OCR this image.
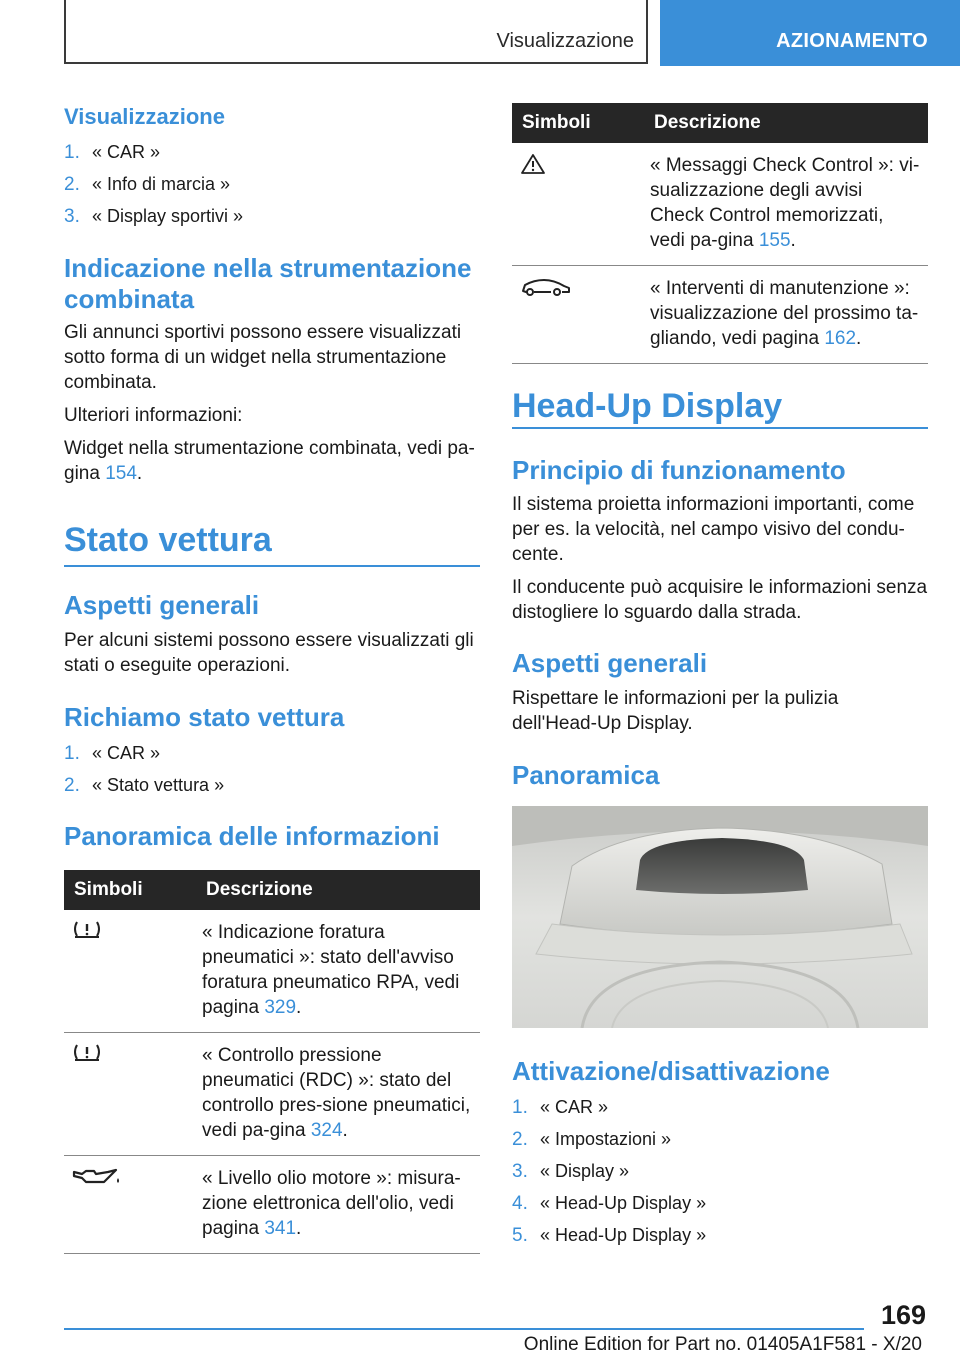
Visualizzazione	AZIONAMENTO
Visualizzazione
1. « CAR »
2. « Info di marcia »
3. « Display sportivi »
Indicazione nella strumentazione
combinata

Gli annunci sportivi possono essere visualizzati sotto forma di un widget nella strumentazione combinata.

Ulteriori informazioni:

Widget nella strumentazione combinata, vedi pa‐gina 154.

Stato vettura
Aspetti generali

Per alcuni sistemi possono essere visualizzati gli stati o eseguite operazioni.

Richiamo stato vettura
1. « CAR »
2. « Stato vettura »
Panoramica delle informazioni
Simboli	Descrizione
	« Indicazione foratura pneumatici »: stato dell'avviso foratura pneumatico RPA, vedi pagina 329.
	« Controllo pressione pneumatici (RDC) »: stato del controllo pres‐sione pneumatici, vedi pa‐gina 324.
	« Livello olio motore »: misura‐zione elettronica dell'olio, vedi pagina 341.
Simboli	Descrizione
	« Messaggi Check Control »: vi‐sualizzazione degli avvisi Check Control memorizzati, vedi pa‐gina 155.
	« Interventi di manutenzione »: visualizzazione del prossimo ta‐gliando, vedi pagina 162.
Head-Up Display
Principio di funzionamento

Il sistema proietta informazioni importanti, come per es. la velocità, nel campo visivo del condu‐cente.

Il conducente può acquisire le informazioni senza distogliere lo sguardo dalla strada.

Aspetti generali

Rispettare le informazioni per la pulizia dell'Head-Up Display.

Panoramica
Attivazione/disattivazione
1. « CAR »
2. « Impostazioni »
3. « Display »
4. « Head-Up Display »
5. « Head-Up Display »
169
Online Edition for Part no. 01405A1F581 - X/20
